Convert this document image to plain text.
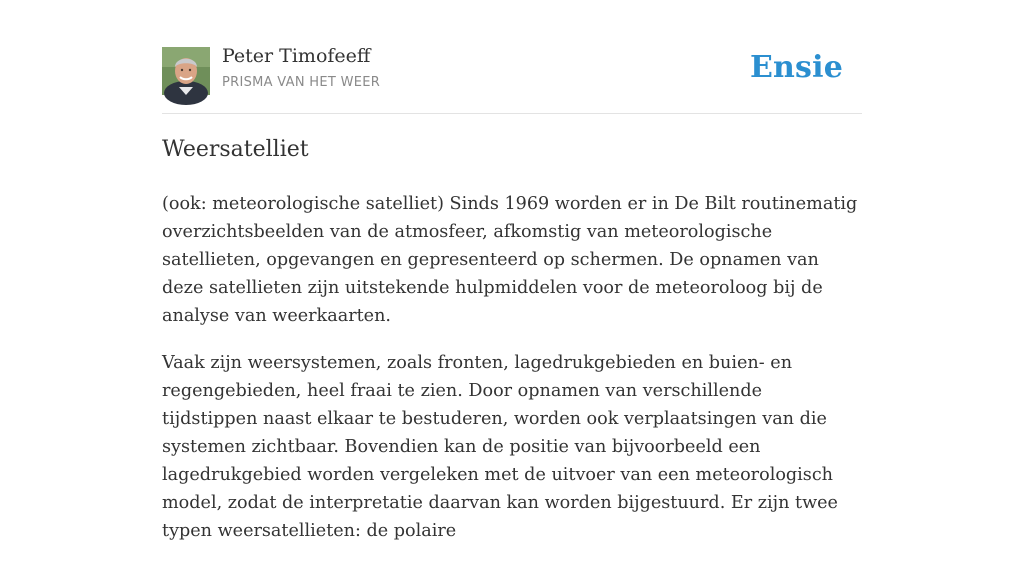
Peter Timofeeff
PRISMA VAN HET WEER	Ensie
Weersatelliet

(ook: meteorologische satelliet) Sinds 1969 worden er in De Bilt routinematig overzichtsbeelden van de atmosfeer, afkomstig van meteorologische satellieten, opgevangen en gepresenteerd op schermen. De opnamen van deze satellieten zijn uitstekende hulpmiddelen voor de meteoroloog bij de analyse van weerkaarten.

Vaak zijn weersystemen, zoals fronten, lagedrukgebieden en buien- en regengebieden, heel fraai te zien. Door opnamen van verschillende tijdstippen naast elkaar te bestuderen, worden ook verplaatsingen van die systemen zichtbaar. Bovendien kan de positie van bijvoorbeeld een lagedrukgebied worden vergeleken met de uitvoer van een meteorologisch model, zodat de interpretatie daarvan kan worden bijgestuurd. Er zijn twee typen weersatellieten: de polaire
